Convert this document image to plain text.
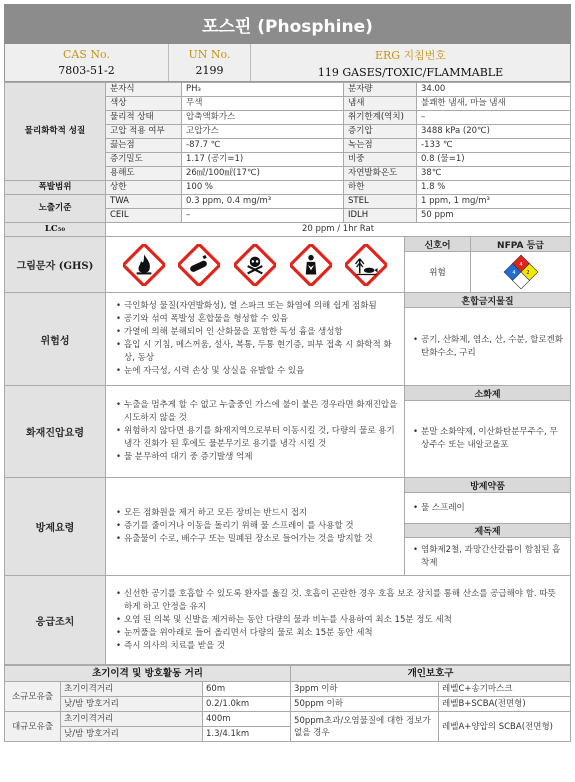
포스핀 (Phosphine)
CAS No.
7803-51-2
UN No.
2199
ERG 지침번호
119 GASES/TOXIC/FLAMMABLE
물리화학적 성질	분자식	PH₃	분자량	34.00
	색상	무색	냄새	불쾌한 냄새, 마늘 냄새
	물리적 상태	압축액화가스	취기한계(역치)	–
	고압 적용 여부	고압가스	증기압	3488 kPa (20℃)
	끓는점	-87.7 ℃	녹는점	-133 ℃
	증기밀도	1.17 (공기=1)	비중	0.8 (물=1)
	용해도	26㎖/100㎖(17℃)	자연발화온도	38℃
폭발범위	상한	100 %	하한	1.8 %
노출기준	TWA	0.3 ppm, 0.4 mg/m³	STEL	1 ppm, 1 mg/m³
	CEIL	–	IDLH	50 ppm
LC₅₀	20 ppm / 1hr Rat			
그림문자 (GHS)
신호어	NFPA 등급
위험
4
4 2
위험성
• 극인화성 물질(자연발화성), 열 스파크 또는 화염에 의해 쉽게 점화됨
• 공기와 섞여 폭발성 혼합물을 형성할 수 있음
• 가열에 의해 분해되어 인 산화물을 포함한 독성 흄을 생성함
• 흡입 시 기침, 메스꺼움, 설사, 복통, 두통 현기증, 피부 접촉 시 화학적 화상, 동상
• 눈에 자극성, 시력 손상 및 상실을 유발할 수 있음
혼합금지물질
• 공기, 산화제, 염소, 산, 수분, 할로겐화 탄화수소, 구리
화재진압요령
• 누출을 멈추게 할 수 없고 누출중인 가스에 불이 붙은 경우라면 화재진압을 시도하지 않을 것
• 위험하지 않다면 용기를 화재지역으로부터 이동시킬 것, 다량의 물로 용기 냉각 진화가 된 후에도 물분무기로 용기를 냉각 시킬 것
• 물 분무하여 대기 중 증기발생 억제
소화제
• 분말 소화약제, 이산화탄분무주수, 무상주수 또는 내알코올포
방제요령
• 모든 점화원을 제거 하고 모든 장비는 반드시 접지
• 증기를 줄이거나 이동을 돌리기 위해 물 스프레이 를 사용할 것
• 유출물이 수로, 배수구 또는 밀폐된 장소로 들어가는 것을 방지할 것
방제약품
• 물 스프레이
제독제
• 염화제2철, 과망간산칼륨이 함침된 흡착제
응급조치
• 신선한 공기를 호흡할 수 있도록 환자를 옮길 것. 호흡이 곤란한 경우 호흡 보조 장치를 통해 산소를 공급해야 함. 따뜻하게 하고 안정을 유지
• 오염 된 의복 및 신발을 제거하는 동안 다량의 물과 비누를 사용하여 최소 15분 정도 세척
• 눈꺼풀을 위아래로 들어 올리면서 다량의 물로 최소 15분 동안 세척
• 즉시 의사의 치료를 받을 것
초기이격 및 방호활동 거리			개인보호구	
소규모유출	초기이격거리	60m	3ppm 이하	레벨C+송기마스크
	낮/밤 방호거리	0.2/1.0km	50ppm 이하	레벨B+SCBA(전면형)
대규모유출	초기이격거리	400m	50ppm초과/오염물질에 대한 정보가 없을 경우	레벨A+양압의 SCBA(전면형)
	낮/밤 방호거리	1.3/4.1km		
